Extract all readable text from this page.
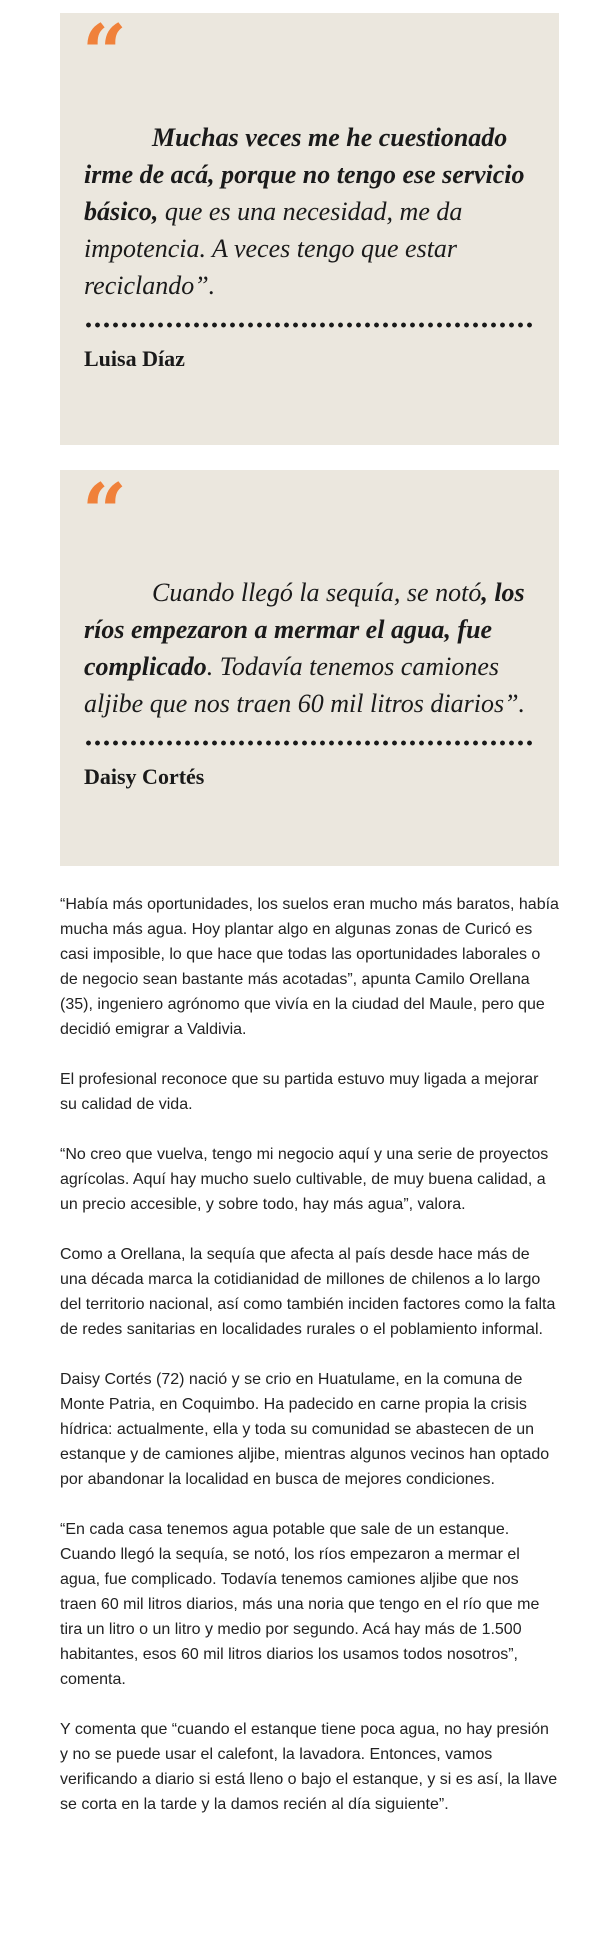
“

Muchas veces me he cuestionado irme de acá, porque no tengo ese servicio básico, que es una necesidad, me da impotencia. A veces tengo que estar reciclando”.

Luisa Díaz
“

Cuando llegó la sequía, se notó, los ríos empezaron a mermar el agua, fue complicado. Todavía tenemos camiones aljibe que nos traen 60 mil litros diarios”.

Daisy Cortés

“Había más oportunidades, los suelos eran mucho más baratos, había mucha más agua. Hoy plantar algo en algunas zonas de Curicó es casi imposible, lo que hace que todas las oportunidades laborales o de negocio sean bastante más acotadas”, apunta Camilo Orellana (35), ingeniero agrónomo que vivía en la ciudad del Maule, pero que decidió emigrar a Valdivia.

El profesional reconoce que su partida estuvo muy ligada a mejorar su calidad de vida.

“No creo que vuelva, tengo mi negocio aquí y una serie de proyectos agrícolas. Aquí hay mucho suelo cultivable, de muy buena calidad, a un precio accesible, y sobre todo, hay más agua”, valora.

Como a Orellana, la sequía que afecta al país desde hace más de una década marca la cotidianidad de millones de chilenos a lo largo del territorio nacional, así como también inciden factores como la falta de redes sanitarias en localidades rurales o el poblamiento informal.

Daisy Cortés (72) nació y se crio en Huatulame, en la comuna de Monte Patria, en Coquimbo. Ha padecido en carne propia la crisis hídrica: actualmente, ella y toda su comunidad se abastecen de un estanque y de camiones aljibe, mientras algunos vecinos han optado por abandonar la localidad en busca de mejores condiciones.

“En cada casa tenemos agua potable que sale de un estanque. Cuando llegó la sequía, se notó, los ríos empezaron a mermar el agua, fue complicado. Todavía tenemos camiones aljibe que nos traen 60 mil litros diarios, más una noria que tengo en el río que me tira un litro o un litro y medio por segundo. Acá hay más de 1.500 habitantes, esos 60 mil litros diarios los usamos todos nosotros”, comenta.

Y comenta que “cuando el estanque tiene poca agua, no hay presión y no se puede usar el calefont, la lavadora. Entonces, vamos verificando a diario si está lleno o bajo el estanque, y si es así, la llave se corta en la tarde y la damos recién al día siguiente”.
